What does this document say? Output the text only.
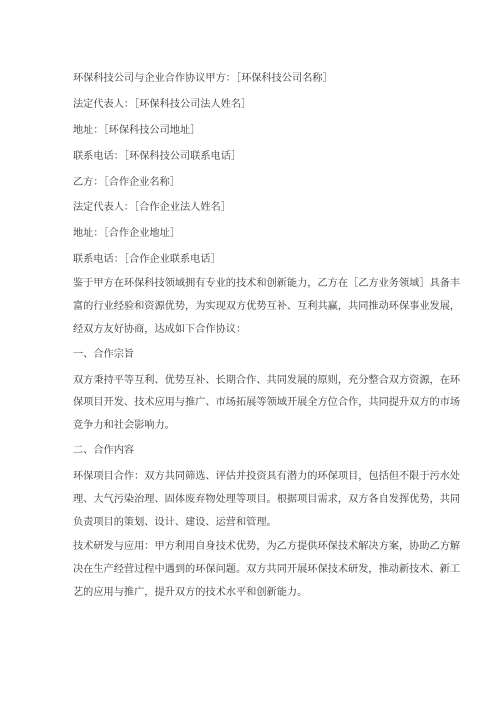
环保科技公司与企业合作协议甲方：［环保科技公司名称］
法定代表人：［环保科技公司法人姓名］
地址：［环保科技公司地址］
联系电话：［环保科技公司联系电话］
乙方：［合作企业名称］
法定代表人：［合作企业法人姓名］
地址：［合作企业地址］
联系电话：［合作企业联系电话］
鉴于甲方在环保科技领域拥有专业的技术和创新能力，乙方在［乙方业务领域］具备丰
富的行业经验和资源优势，为实现双方优势互补、互利共赢，共同推动环保事业发展，
经双方友好协商，达成如下合作协议：
一、合作宗旨
双方秉持平等互利、优势互补、长期合作、共同发展的原则，充分整合双方资源，在环
保项目开发、技术应用与推广、市场拓展等领域开展全方位合作，共同提升双方的市场
竞争力和社会影响力。
二、合作内容
环保项目合作：双方共同筛选、评估并投资具有潜力的环保项目，包括但不限于污水处
理、大气污染治理、固体废弃物处理等项目。根据项目需求，双方各自发挥优势，共同
负责项目的策划、设计、建设、运营和管理。
技术研发与应用：甲方利用自身技术优势，为乙方提供环保技术解决方案，协助乙方解
决在生产经营过程中遇到的环保问题。双方共同开展环保技术研发，推动新技术、新工
艺的应用与推广，提升双方的技术水平和创新能力。
